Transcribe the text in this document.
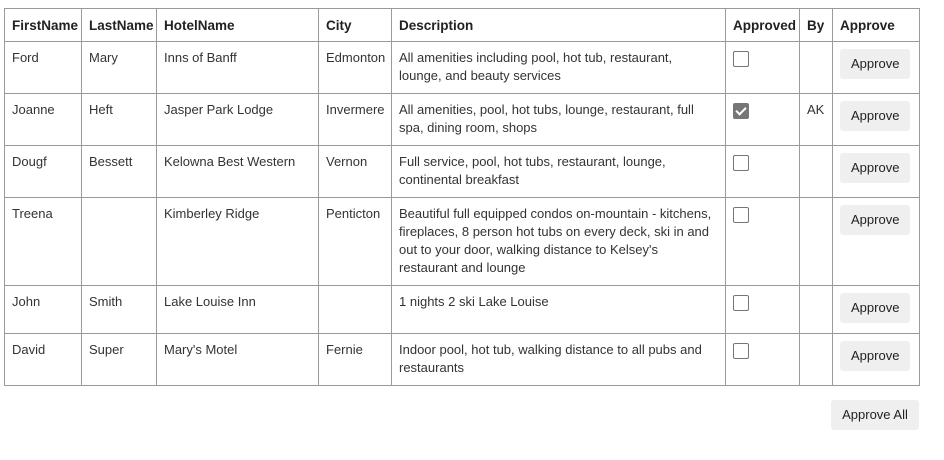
FirstName	LastName	HotelName	City	Description	Approved	By	Approve
Ford	Mary	Inns of Banff	Edmonton	All amenities including pool, hot tub, restaurant, lounge, and beauty services			Approve
Joanne	Heft	Jasper Park Lodge	Invermere	All amenities, pool, hot tubs, lounge, restaurant, full spa, dining room, shops		AK	Approve
Dougf	Bessett	Kelowna Best Western	Vernon	Full service, pool, hot tubs, restaurant, lounge, continental breakfast			Approve
Treena		Kimberley Ridge	Penticton	Beautiful full equipped condos on-mountain - kitchens, fireplaces, 8 person hot tubs on every deck, ski in and out to your door, walking distance to Kelsey's restaurant and lounge			Approve
John	Smith	Lake Louise Inn		1 nights 2 ski Lake Louise			Approve
David	Super	Mary's Motel	Fernie	Indoor pool, hot tub, walking distance to all pubs and restaurants			Approve
Approve All
